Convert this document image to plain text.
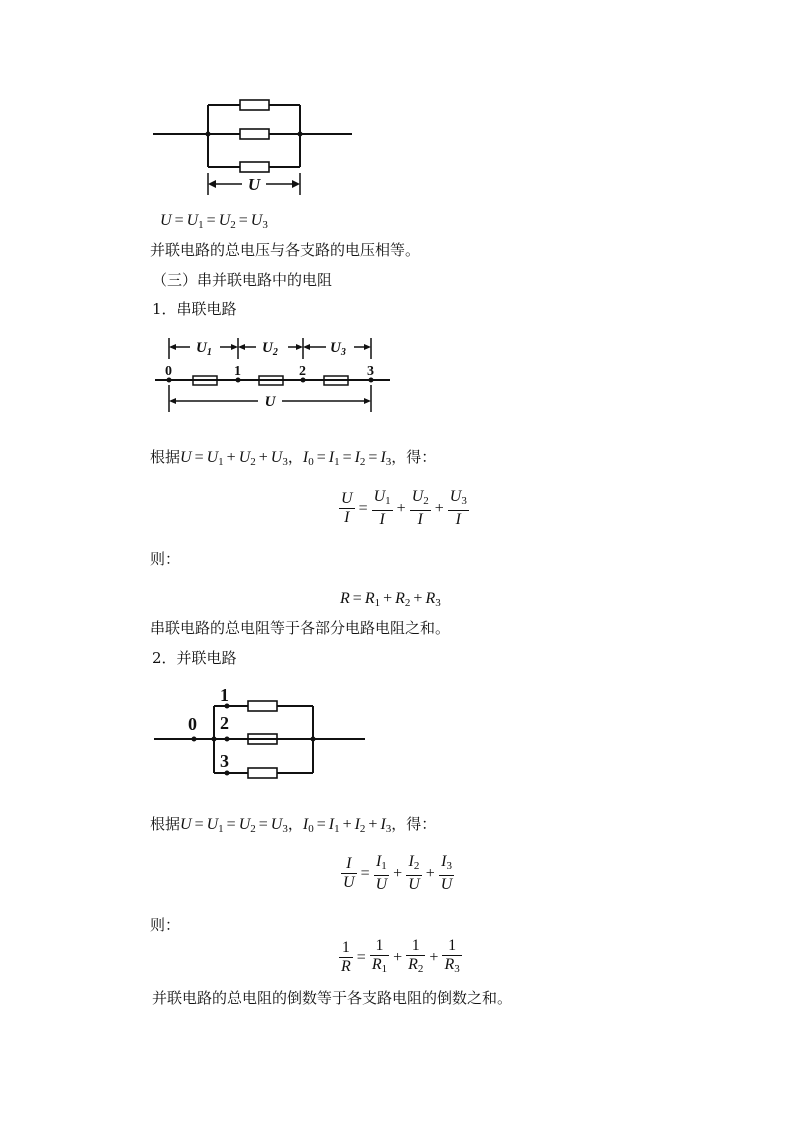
U
$U = U_1 = U_2 = U_3$
并联电路的总电压与各支路的电压相等。
（三）串并联电路中的电阻
1．串联电路
$U_1$	$U_2$	$U_3$
0	1	2	3
U
根据$U = U_1 + U_2 + U_3$，$I_0 = I_1 = I_2 = I_3$，得：
$\frac{U}{I} = \frac{U_1}{I} + \frac{U_2}{I} + \frac{U_3}{I}$
则：
$R = R_1 + R_2 + R_3$
串联电路的总电阻等于各部分电路电阻之和。
2．并联电路
0
1
2
3
根据$U = U_1 = U_2 = U_3$，$I_0 = I_1 + I_2 + I_3$，得：
$\frac{I}{U} = \frac{I_1}{U} + \frac{I_2}{U} + \frac{I_3}{U}$
则：
$\frac{1}{R} = \frac{1}{R_1} + \frac{1}{R_2} + \frac{1}{R_3}$
并联电路的总电阻的倒数等于各支路电阻的倒数之和。
